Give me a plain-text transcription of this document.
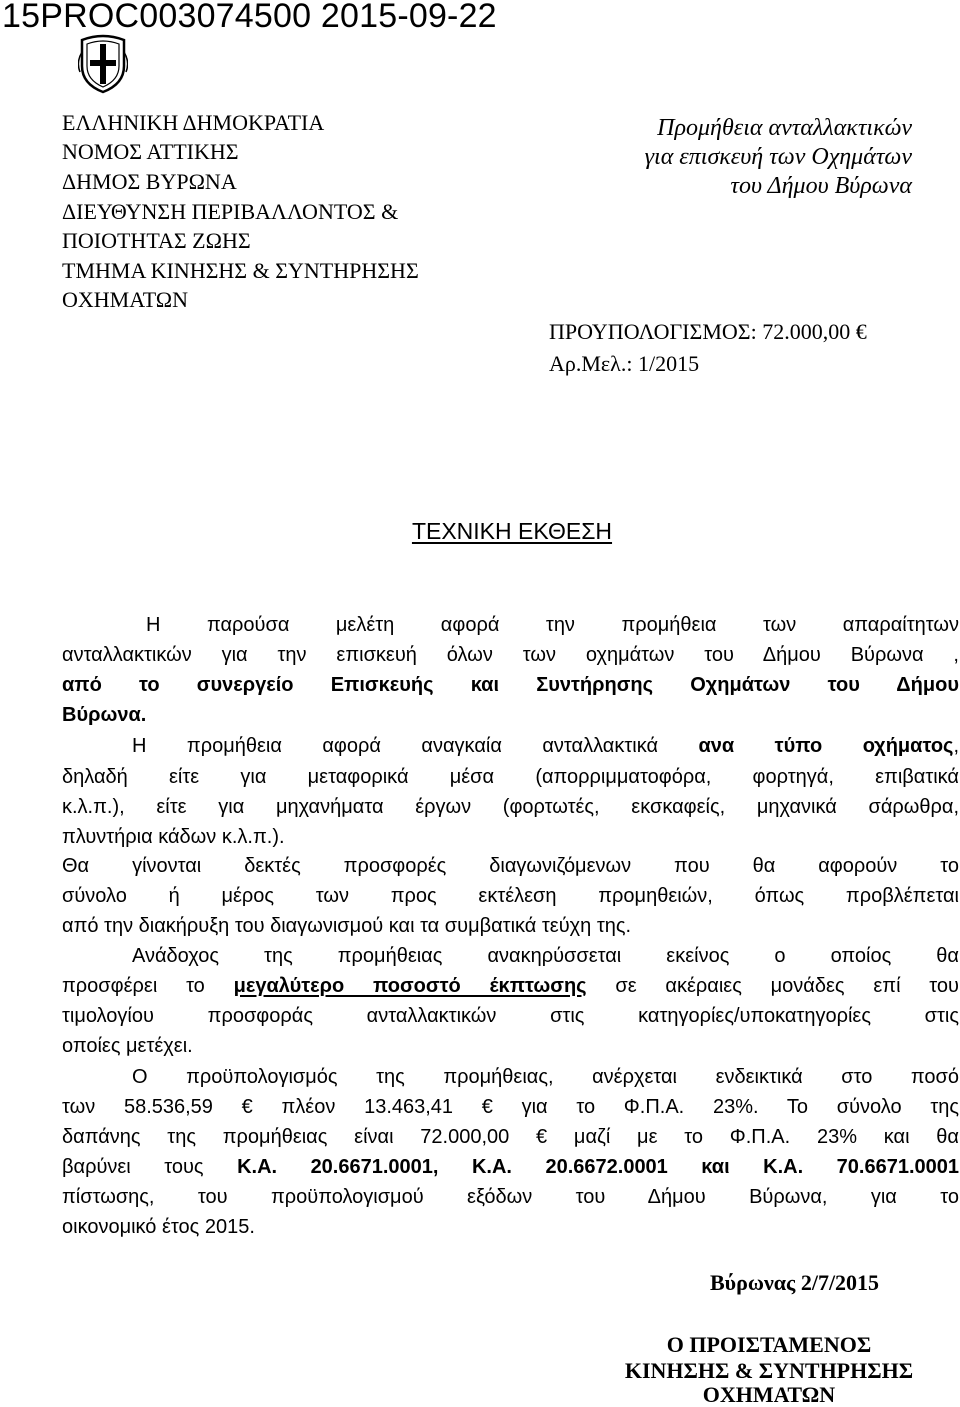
15PROC003074500 2015-09-22
ΕΛΛΗΝΙΚΗ ΔΗΜΟΚΡΑΤΙΑ
ΝΟΜΟΣ ΑΤΤΙΚΗΣ
ΔΗΜΟΣ ΒΥΡΩΝΑ
ΔΙΕΥΘΥΝΣΗ ΠΕΡΙΒΑΛΛΟΝΤΟΣ &
ΠΟΙΟΤΗΤΑΣ ΖΩΗΣ
ΤΜΗΜΑ ΚΙΝΗΣΗΣ & ΣΥΝΤΗΡΗΣΗΣ
ΟΧΗΜΑΤΩΝ
Προμήθεια ανταλλακτικών
για επισκευή των Οχημάτων
του Δήμου Βύρωνα
ΠΡΟΥΠΟΛΟΓΙΣΜΟΣ: 72.000,00 €
Αρ.Μελ.: 1/2015
ΤΕΧΝΙΚΗ ΕΚΘΕΣΗ
Η παρούσα μελέτη αφορά την προμήθεια των απαραίτητων
ανταλλακτικών για την επισκευή όλων των οχημάτων του Δήμου Βύρωνα ,
από το συνεργείο Επισκευής και Συντήρησης Οχημάτων του Δήμου
Βύρωνα.
Η προμήθεια αφορά αναγκαία ανταλλακτικά ανα τύπο οχήματος,
δηλαδή είτε για μεταφορικά μέσα (απορριμματοφόρα, φορτηγά, επιβατικά
κ.λ.π.), είτε για μηχανήματα έργων (φορτωτές, εκσκαφείς, μηχανικά σάρωθρα,
πλυντήρια κάδων κ.λ.π.).
Θα γίνονται δεκτές προσφορές διαγωνιζόμενων που θα αφορούν το
σύνολο ή μέρος των προς εκτέλεση προμηθειών, όπως προβλέπεται
από την διακήρυξη του διαγωνισμού και τα συμβατικά τεύχη της.
Ανάδοχος της προμήθειας ανακηρύσσεται εκείνος ο οποίος θα
προσφέρει το μεγαλύτερο ποσοστό έκπτωσης σε ακέραιες μονάδες επί του
τιμολογίου προσφοράς ανταλλακτικών στις κατηγορίες/υποκατηγορίες στις
οποίες μετέχει.
Ο προϋπολογισμός της προμήθειας, ανέρχεται ενδεικτικά στο ποσό
των 58.536,59 € πλέον 13.463,41 € για το Φ.Π.Α. 23%. Το σύνολο της
δαπάνης της προμήθειας είναι 72.000,00 € μαζί με το Φ.Π.Α. 23% και θα
βαρύνει τους Κ.Α. 20.6671.0001, Κ.Α. 20.6672.0001 και Κ.Α. 70.6671.0001
πίστωσης, του προϋπολογισμού εξόδων του Δήμου Βύρωνα, για το
οικονομικό έτος 2015.
Βύρωνας 2/7/2015
Ο ΠΡΟΙΣΤΑΜΕΝΟΣ
ΚΙΝΗΣΗΣ & ΣΥΝΤΗΡΗΣΗΣ
ΟΧΗΜΑΤΩΝ
